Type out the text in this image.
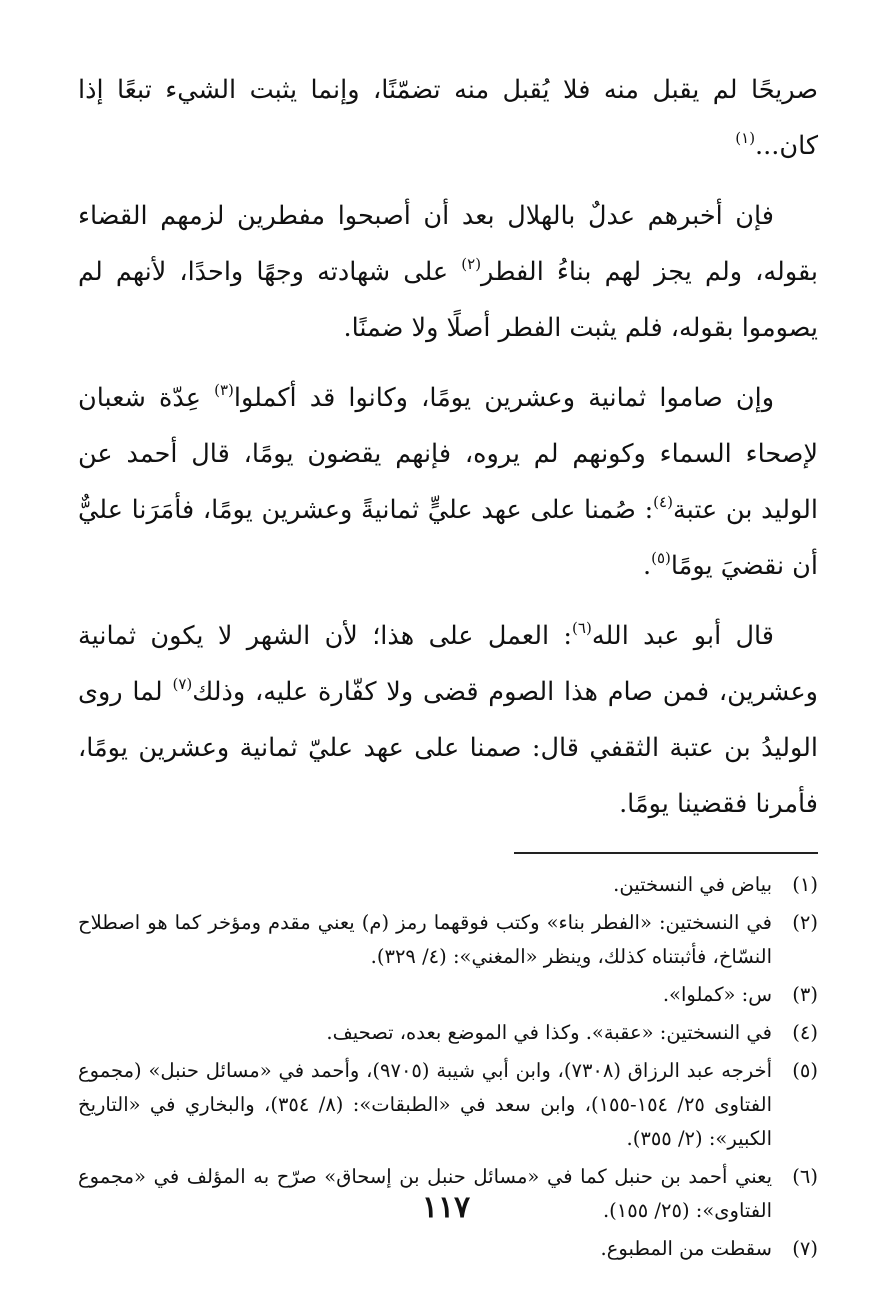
صريحًا لم يقبل منه فلا يُقبل منه تضمّنًا، وإنما يثبت الشيء تبعًا إذا كان...$^{(١)}$

فإن أخبرهم عدلٌ بالهلال بعد أن أصبحوا مفطرين لزمهم القضاء بقوله، ولم يجز لهم بناءُ الفطر$^{(٢)}$ على شهادته وجهًا واحدًا، لأنهم لم يصوموا بقوله، فلم يثبت الفطر أصلًا ولا ضمنًا.

وإن صاموا ثمانية وعشرين يومًا، وكانوا قد أكملوا$^{(٣)}$ عِدّة شعبان لإصحاء السماء وكونهم لم يروه، فإنهم يقضون يومًا، قال أحمد عن الوليد بن عتبة$^{(٤)}$: صُمنا على عهد عليٍّ ثمانيةً وعشرين يومًا، فأمَرَنا عليٌّ أن نقضيَ يومًا$^{(٥)}$.

قال أبو عبد الله$^{(٦)}$: العمل على هذا؛ لأن الشهر لا يكون ثمانية وعشرين، فمن صام هذا الصوم قضى ولا كفّارة عليه، وذلك$^{(٧)}$ لما روى الوليدُ بن عتبة الثقفي قال: صمنا على عهد عليّ ثمانية وعشرين يومًا، فأمرنا فقضينا يومًا.

(١)
بياض في النسختين.
(٢)
في النسختين: «الفطر بناء» وكتب فوقهما رمز (م) يعني مقدم ومؤخر كما هو اصطلاح النسّاخ، فأثبتناه كذلك، وينظر «المغني»: (٤/ ٣٢٩).
(٣)
س: «كملوا».
(٤)
في النسختين: «عقبة». وكذا في الموضع بعده، تصحيف.
(٥)
أخرجه عبد الرزاق (٧٣٠٨)، وابن أبي شيبة (٩٧٠٥)، وأحمد في «مسائل حنبل» (مجموع الفتاوى ٢٥/ ١٥٤-١٥٥)، وابن سعد في «الطبقات»: (٨/ ٣٥٤)، والبخاري في «التاريخ الكبير»: (٢/ ٣٥٥).
(٦)
يعني أحمد بن حنبل كما في «مسائل حنبل بن إسحاق» صرّح به المؤلف في «مجموع الفتاوى»: (٢٥/ ١٥٥).
(٧)
سقطت من المطبوع.
١١٧
